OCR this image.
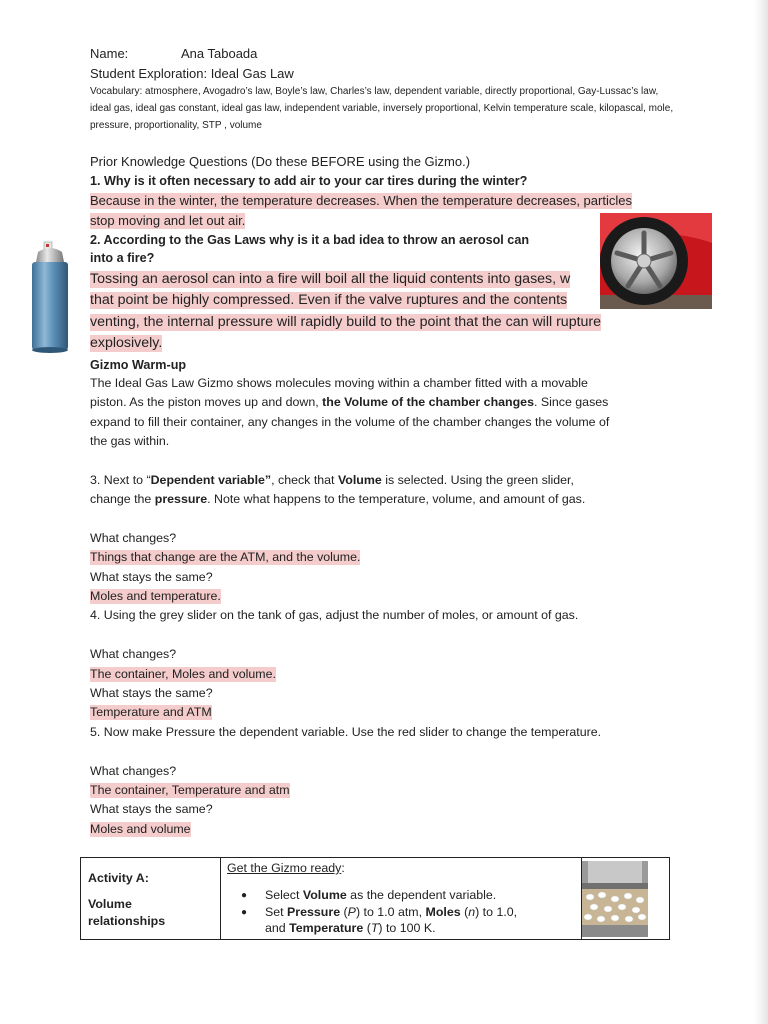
Name:	Ana Taboada
Student Exploration: Ideal Gas Law
Vocabulary: atmosphere, Avogadro’s law, Boyle’s law, Charles’s law, dependent variable, directly proportional, Gay-Lussac’s law, ideal gas, ideal gas constant, ideal gas law, independent variable, inversely proportional, Kelvin temperature scale, kilopascal, mole, pressure, proportionality, STP , volume
Prior Knowledge Questions (Do these BEFORE using the Gizmo.)
1. Why is it often necessary to add air to your car tires during the winter?
Because in the winter, the temperature decreases. When the temperature decreases, particles
stop moving and let out air.
2. According to the Gas Laws why is it a bad idea to throw an aerosol can
into a fire?
Tossing an aerosol can into a fire will boil all the liquid contents into gases, w
that point be highly compressed. Even if the valve ruptures and the contents
venting, the internal pressure will rapidly build to the point that the can will rupture
explosively.
Gizmo Warm-up
The Ideal Gas Law Gizmo shows molecules moving within a chamber fitted with a movable
piston. As the piston moves up and down, the Volume of the chamber changes. Since gases
expand to fill their container, any changes in the volume of the chamber changes the volume of
the gas within.
3. Next to “Dependent variable”, check that Volume is selected. Using the green slider,
change the pressure. Note what happens to the temperature, volume, and amount of gas.
What changes?
Things that change are the ATM, and the volume.
What stays the same?
Moles and temperature.
4. Using the grey slider on the tank of gas, adjust the number of moles, or amount of gas.
What changes?
The container, Moles and volume.
What stays the same?
Temperature and ATM
5. Now make Pressure the dependent variable. Use the red slider to change the temperature.
What changes?
The container, Temperature and atm
What stays the same?
Moles and volume
Activity A:
Volume
relationships
Get the Gizmo ready:
● Select Volume as the dependent variable.
● Set Pressure (P) to 1.0 atm, Moles (n) to 1.0,
and Temperature (T) to 100 K.
